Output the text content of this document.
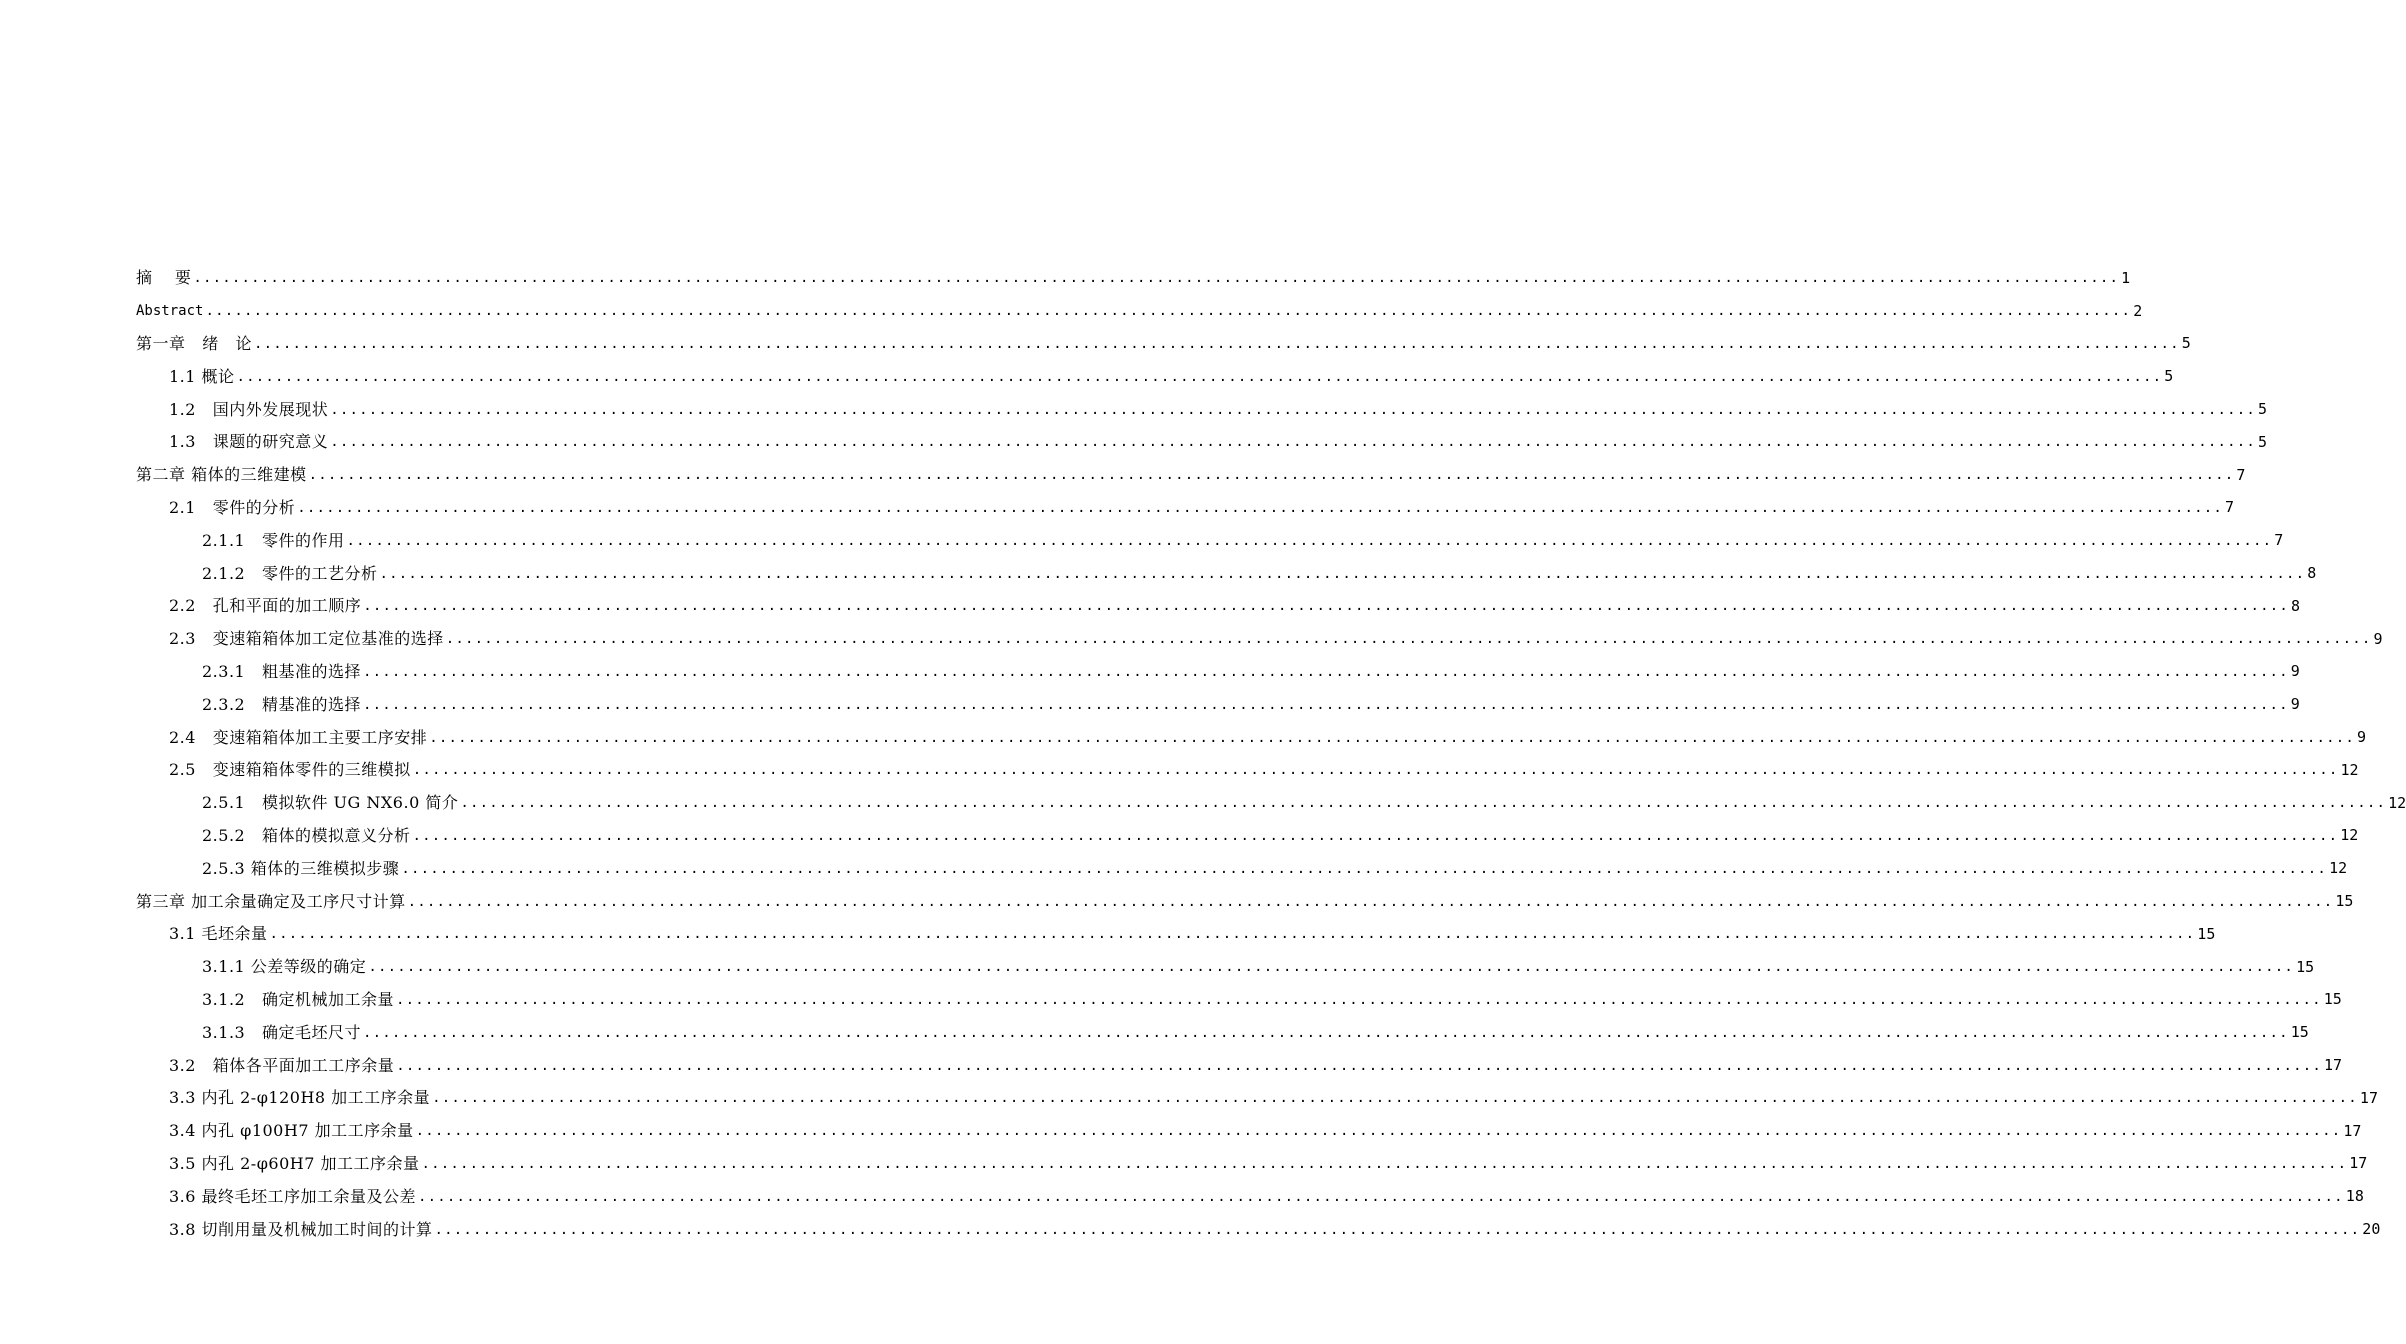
摘    要 ........................................................................................................................................................................................................ 1
Abstract ........................................................................................................................................................................................................ 2
第一章   绪   论 ........................................................................................................................................................................................................ 5
1.1 概论 ........................................................................................................................................................................................................ 5
1.2   国内外发展现状 ........................................................................................................................................................................................................ 5
1.3   课题的研究意义 ........................................................................................................................................................................................................ 5
第二章 箱体的三维建模 ........................................................................................................................................................................................................ 7
2.1   零件的分析 ........................................................................................................................................................................................................ 7
2.1.1   零件的作用 ........................................................................................................................................................................................................ 7
2.1.2   零件的工艺分析 ........................................................................................................................................................................................................ 8
2.2   孔和平面的加工顺序 ........................................................................................................................................................................................................ 8
2.3   变速箱箱体加工定位基准的选择 ........................................................................................................................................................................................................ 9
2.3.1   粗基准的选择 ........................................................................................................................................................................................................ 9
2.3.2   精基准的选择 ........................................................................................................................................................................................................ 9
2.4   变速箱箱体加工主要工序安排 ........................................................................................................................................................................................................ 9
2.5   变速箱箱体零件的三维模拟 ........................................................................................................................................................................................................ 12
2.5.1   模拟软件 UG NX6.0 简介 ........................................................................................................................................................................................................ 12
2.5.2   箱体的模拟意义分析 ........................................................................................................................................................................................................ 12
2.5.3 箱体的三维模拟步骤 ........................................................................................................................................................................................................ 12
第三章 加工余量确定及工序尺寸计算 ........................................................................................................................................................................................................ 15
3.1 毛坯余量 ........................................................................................................................................................................................................ 15
3.1.1 公差等级的确定 ........................................................................................................................................................................................................ 15
3.1.2   确定机械加工余量 ........................................................................................................................................................................................................ 15
3.1.3   确定毛坯尺寸 ........................................................................................................................................................................................................ 15
3.2   箱体各平面加工工序余量 ........................................................................................................................................................................................................ 17
3.3 内孔 2-φ120H8 加工工序余量 ........................................................................................................................................................................................................ 17
3.4 内孔 φ100H7 加工工序余量 ........................................................................................................................................................................................................ 17
3.5 内孔 2-φ60H7 加工工序余量 ........................................................................................................................................................................................................ 17
3.6 最终毛坯工序加工余量及公差 ........................................................................................................................................................................................................ 18
3.8 切削用量及机械加工时间的计算 ........................................................................................................................................................................................................ 20
